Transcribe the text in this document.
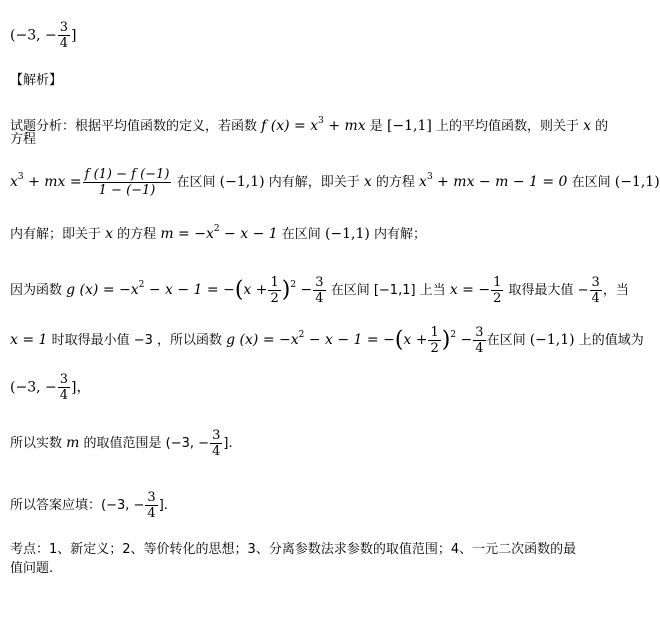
(−3, − $\frac{3}{4}$ ]
【解析】
试题分析：根据平均值函数的定义，若函数 f $(x) = x^3$ + mx 是 [−1,1] 上的平均值函数，则关于 x 的
方程
$x^3$ + mx = $\frac{f (1) - f (-1)}{1 - (-1)}$ 在区间 (−1,1) 内有解，即关于 x 的方程 $x^3$ + mx − m − 1 = 0 在区间 (−1,1)
内有解；即关于 x 的方程 $m = -x^2 - x - 1$ 在区间 (−1,1) 内有解；
因为函数 g $(x) = -x^2 - x - 1 = -(x + \frac{1}{2} )^2 - \frac{3}{4}$ 在区间 [−1,1] 上当 x = − $\frac{1}{2}$ 取得最大值 − $\frac{3}{4}$ ，当
x = 1 时取得最小值 −3 ，所以函数 g $(x) = -x^2 - x - 1 = -(x + \frac{1}{2} )^2 - \frac{3}{4}$ 在区间 (−1,1) 上的值域为
(−3, − $\frac{3}{4}$ ]，
所以实数 m 的取值范围是 (−3, − $\frac{3}{4}$ ].
所以答案应填：(−3, − $\frac{3}{4}$ ].
考点：1、新定义；2、等价转化的思想；3、分离参数法求参数的取值范围；4、一元二次函数的最
值问题.
